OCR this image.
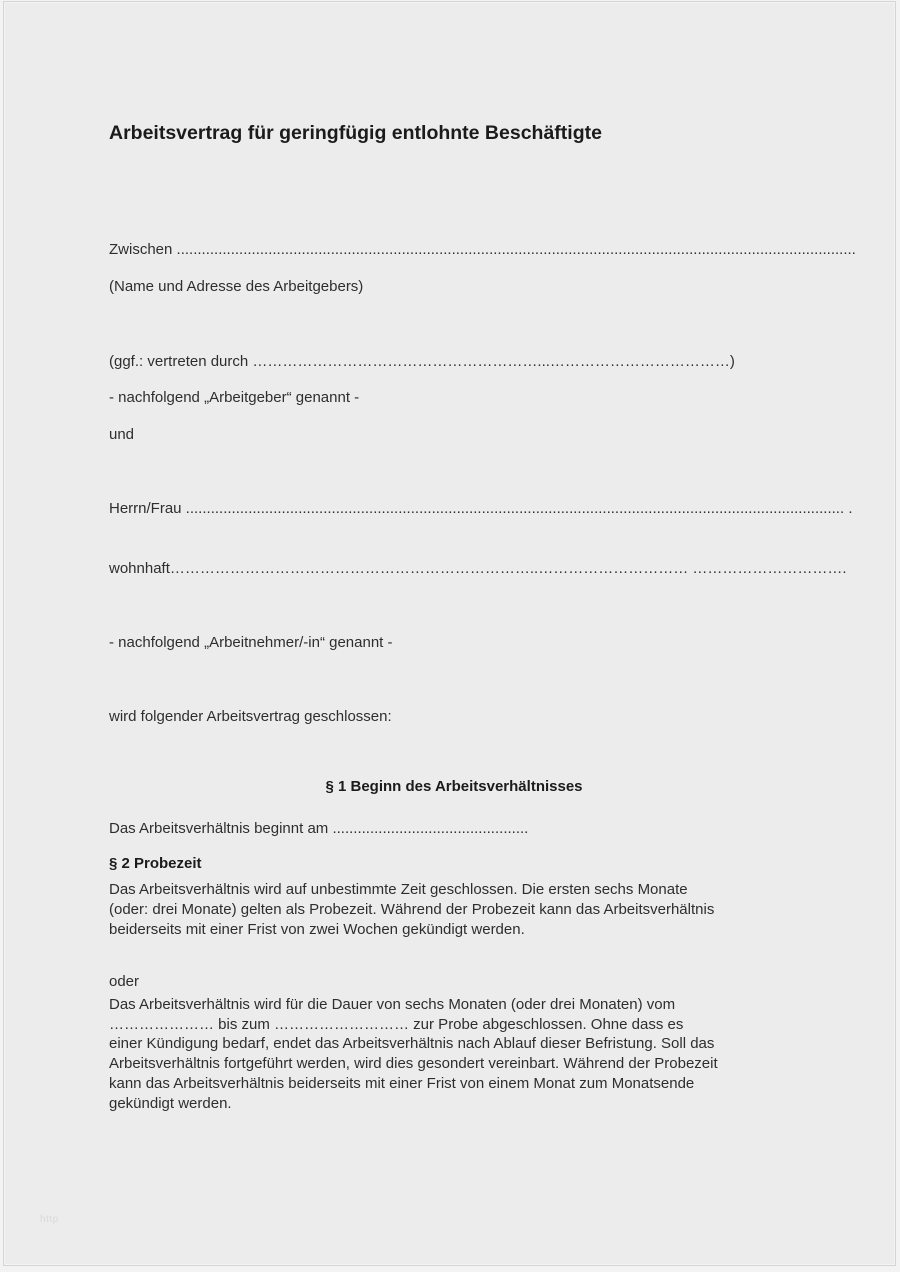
Arbeitsvertrag für geringfügig entlohnte Beschäftigte

Zwischen ...................................................................................................................................................................

(Name und Adresse des Arbeitgebers)

(ggf.: vertreten durch …………………………………………………...………………………………)

- nachfolgend „Arbeitgeber“ genannt -

und

Herrn/Frau .............................................................................................................................................................. .

wohnhaft………………………………………………………………..………………………… ………………………….

- nachfolgend „Arbeitnehmer/-in“ genannt -

wird folgender Arbeitsvertrag geschlossen:

§ 1 Beginn des Arbeitsverhältnisses

Das Arbeitsverhältnis beginnt am ...............................................

§ 2 Probezeit
Das Arbeitsverhältnis wird auf unbestimmte Zeit geschlossen. Die ersten sechs Monate
(oder: drei Monate) gelten als Probezeit. Während der Probezeit kann das Arbeitsverhältnis
beiderseits mit einer Frist von zwei Wochen gekündigt werden.

oder

Das Arbeitsverhältnis wird für die Dauer von sechs Monaten (oder drei Monaten) vom
………………… bis zum ……………………… zur Probe abgeschlossen. Ohne dass es
einer Kündigung bedarf, endet das Arbeitsverhältnis nach Ablauf dieser Befristung. Soll das
Arbeitsverhältnis fortgeführt werden, wird dies gesondert vereinbart. Während der Probezeit
kann das Arbeitsverhältnis beiderseits mit einer Frist von einem Monat zum Monatsende
gekündigt werden.
http
